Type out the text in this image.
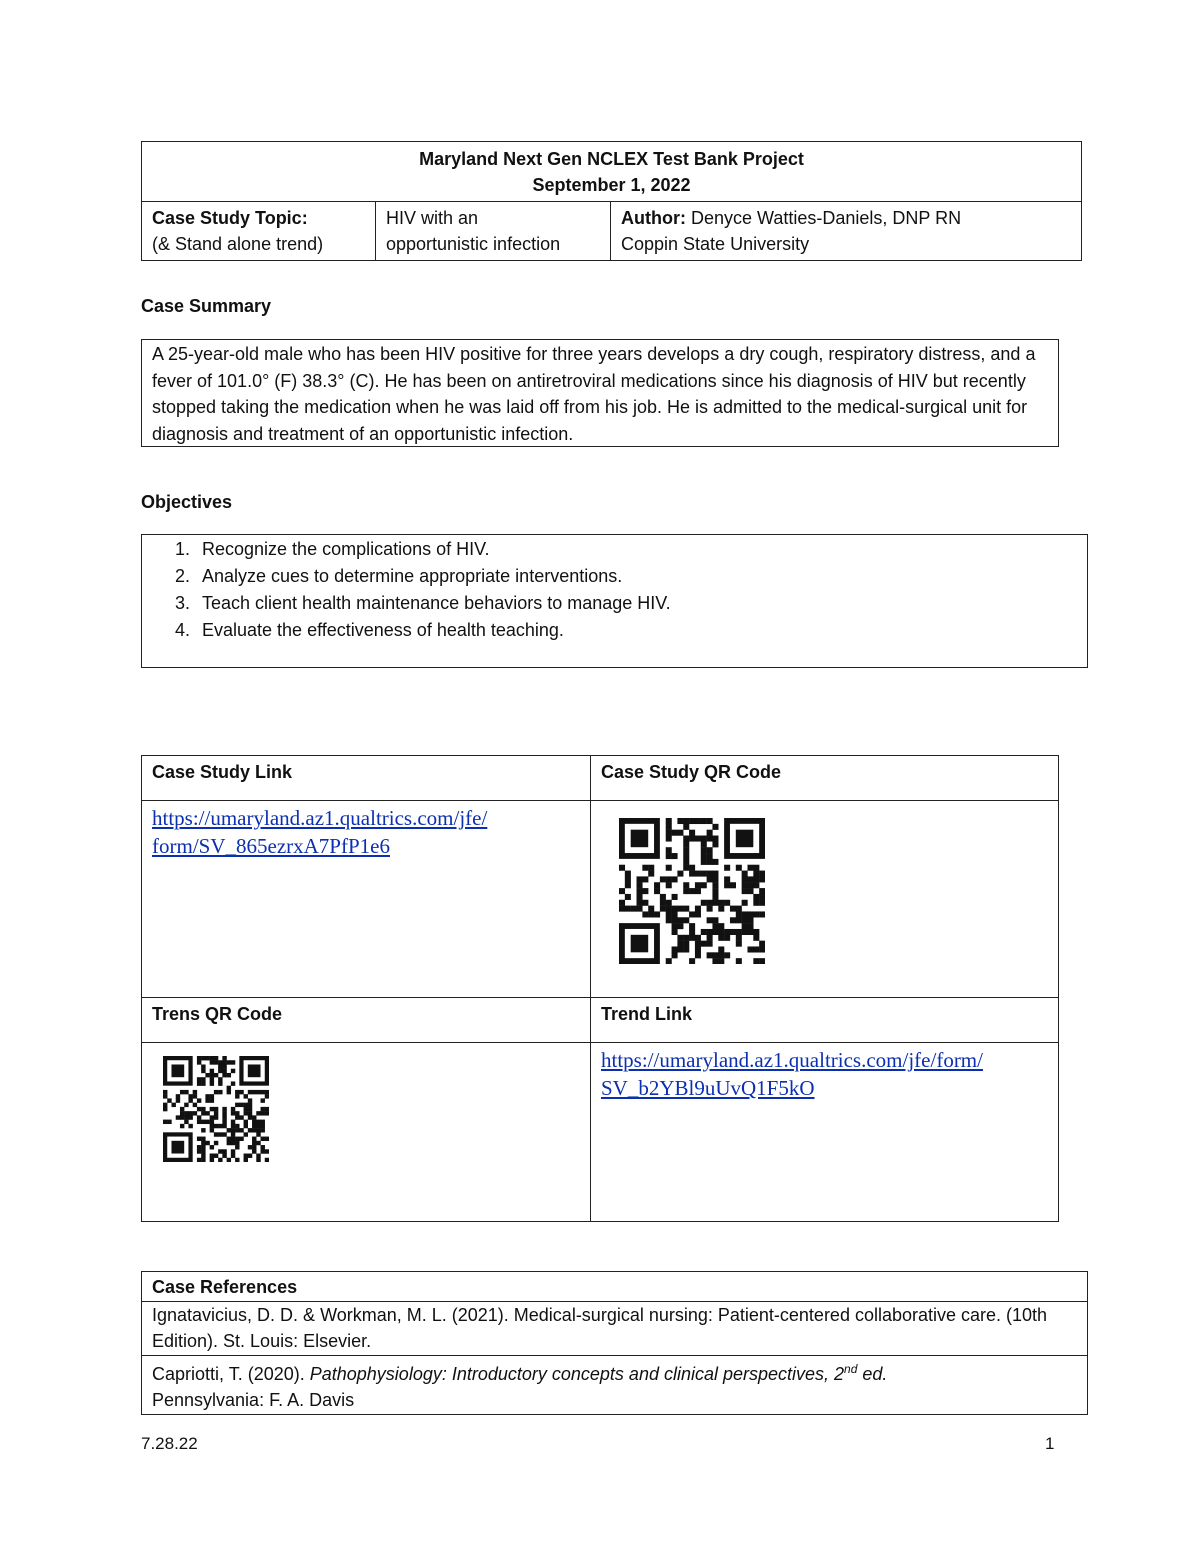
Maryland Next Gen NCLEX Test Bank Project
September 1, 2022

Case Study Topic:
(& Stand alone trend)

HIV with an
opportunistic infection

Author: Denyce Watties-Daniels, DNP RN
Coppin State University
Case Summary
A 25-year-old male who has been HIV positive for three years develops a dry cough, respiratory distress, and a fever of 101.0° (F) 38.3° (C). He has been on antiretroviral medications since his diagnosis of HIV but recently stopped taking the medication when he was laid off from his job. He is admitted to the medical-surgical unit for diagnosis and treatment of an opportunistic infection.
Objectives
1. Recognize the complications of HIV.
2. Analyze cues to determine appropriate interventions.
3. Teach client health maintenance behaviors to manage HIV.
4. Evaluate the effectiveness of health teaching.
Case Study Link	Case Study QR Code

https://umaryland.az1.qualtrics.com/jfe/
form/SV_865ezrxA7PfP1e6

Trens QR Code	Trend Link

https://umaryland.az1.qualtrics.com/jfe/form/
SV_b2YBl9uUvQ1F5kO
Case References
Ignatavicius, D. D. & Workman, M. L. (2021). Medical-surgical nursing: Patient-centered collaborative care. (10th Edition). St. Louis: Elsevier.
Capriotti, T. (2020). Pathophysiology: Introductory concepts and clinical perspectives, 2nd ed.
Pennsylvania: F. A. Davis
7.28.22	1
